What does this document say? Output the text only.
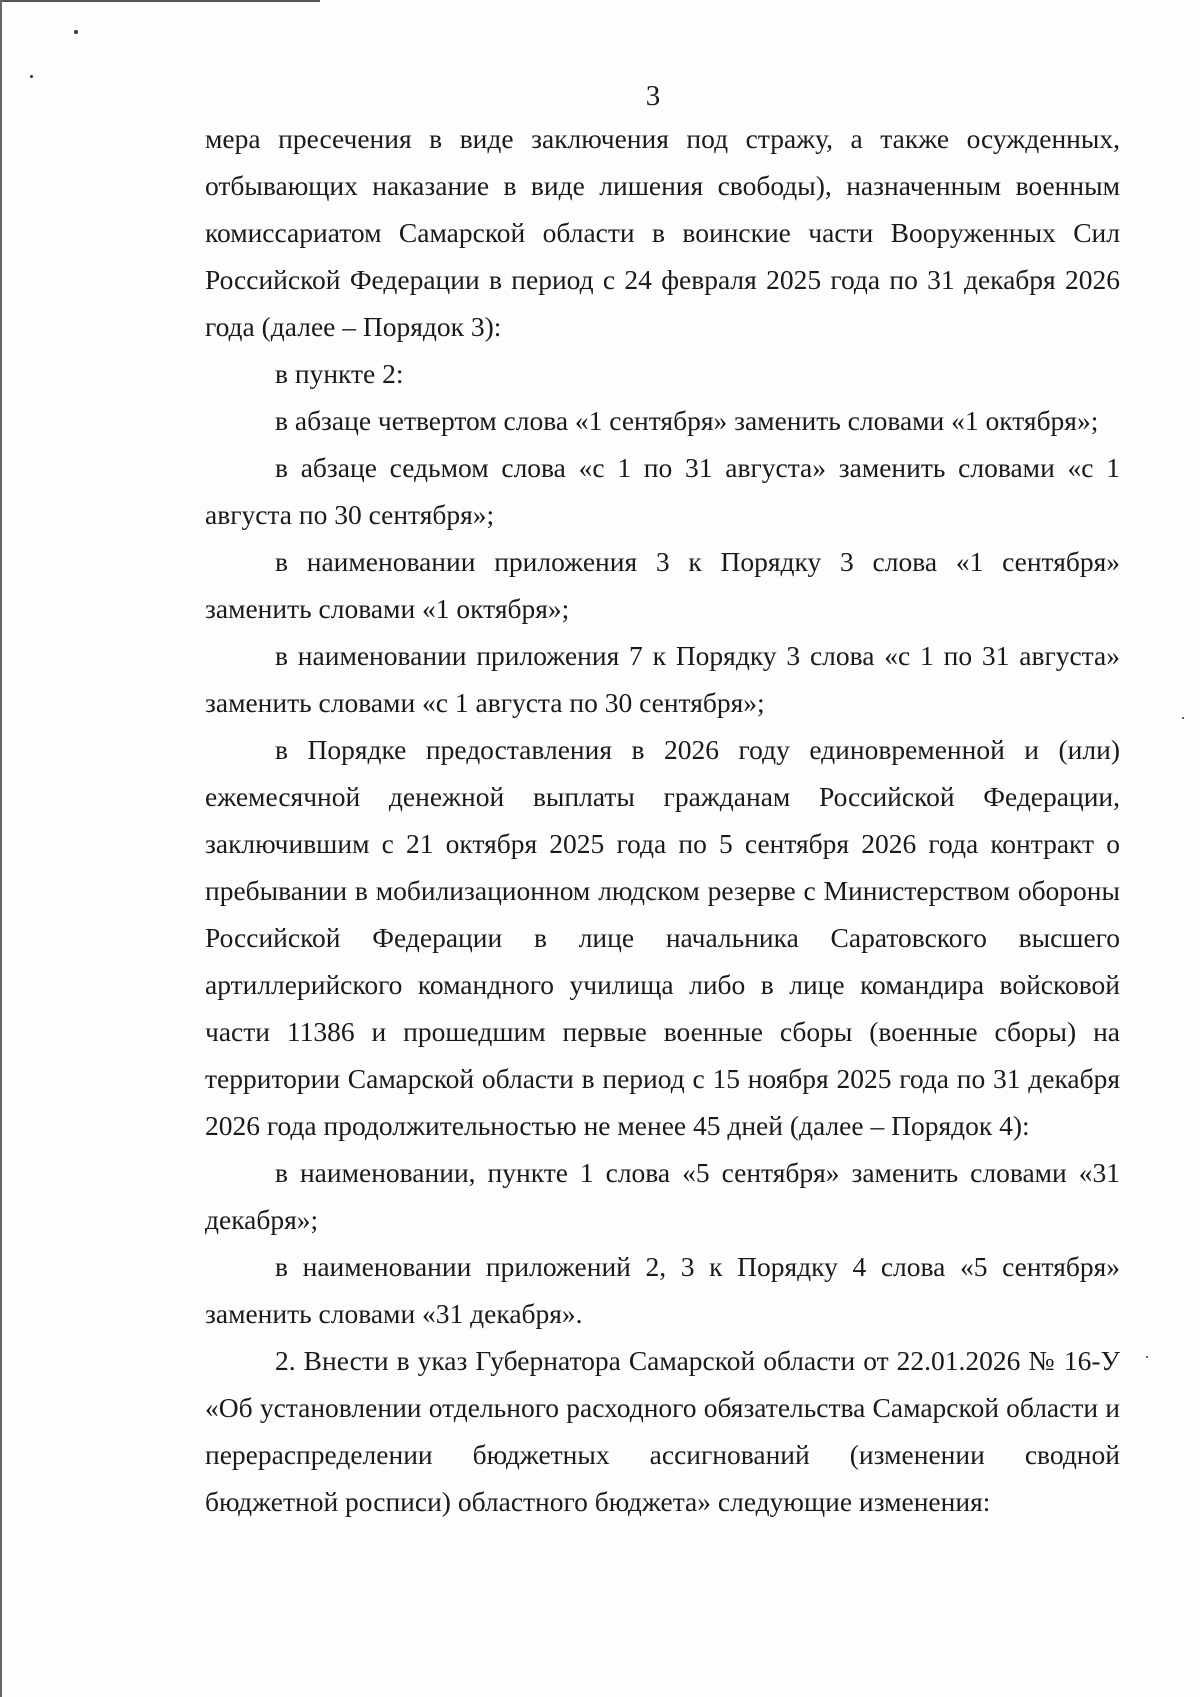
3

мера пресечения в виде заключения под стражу, а также осужденных, отбывающих наказание в виде лишения свободы), назначенным военным комиссариатом Самарской области в воинские части Вооруженных Сил Российской Федерации в период с 24 февраля 2025 года по 31 декабря 2026 года (далее – Порядок 3):

в пункте 2:

в абзаце четвертом слова «1 сентября» заменить словами «1 октября»;

в абзаце седьмом слова «с 1 по 31 августа» заменить словами «с 1 августа по 30 сентября»;

в наименовании приложения 3 к Порядку 3 слова «1 сентября» заменить словами «1 октября»;

в наименовании приложения 7 к Порядку 3 слова «с 1 по 31 августа» заменить словами «с 1 августа по 30 сентября»;

в Порядке предоставления в 2026 году единовременной и (или) ежемесячной денежной выплаты гражданам Российской Федерации, заключившим с 21 октября 2025 года по 5 сентября 2026 года контракт о пребывании в мобилизационном людском резерве с Министерством обороны Российской Федерации в лице начальника Саратовского высшего артиллерийского командного училища либо в лице командира войсковой части 11386 и прошедшим первые военные сборы (военные сборы) на территории Самарской области в период с 15 ноября 2025 года по 31 декабря 2026 года продолжительностью не менее 45 дней (далее – Порядок 4):

в наименовании, пункте 1 слова «5 сентября» заменить словами «31 декабря»;

в наименовании приложений 2, 3 к Порядку 4 слова «5 сентября» заменить словами «31 декабря».

2. Внести в указ Губернатора Самарской области от 22.01.2026 № 16-У «Об установлении отдельного расходного обязательства Самарской области и перераспределении бюджетных ассигнований (изменении сводной бюджетной росписи) областного бюджета» следующие изменения:
